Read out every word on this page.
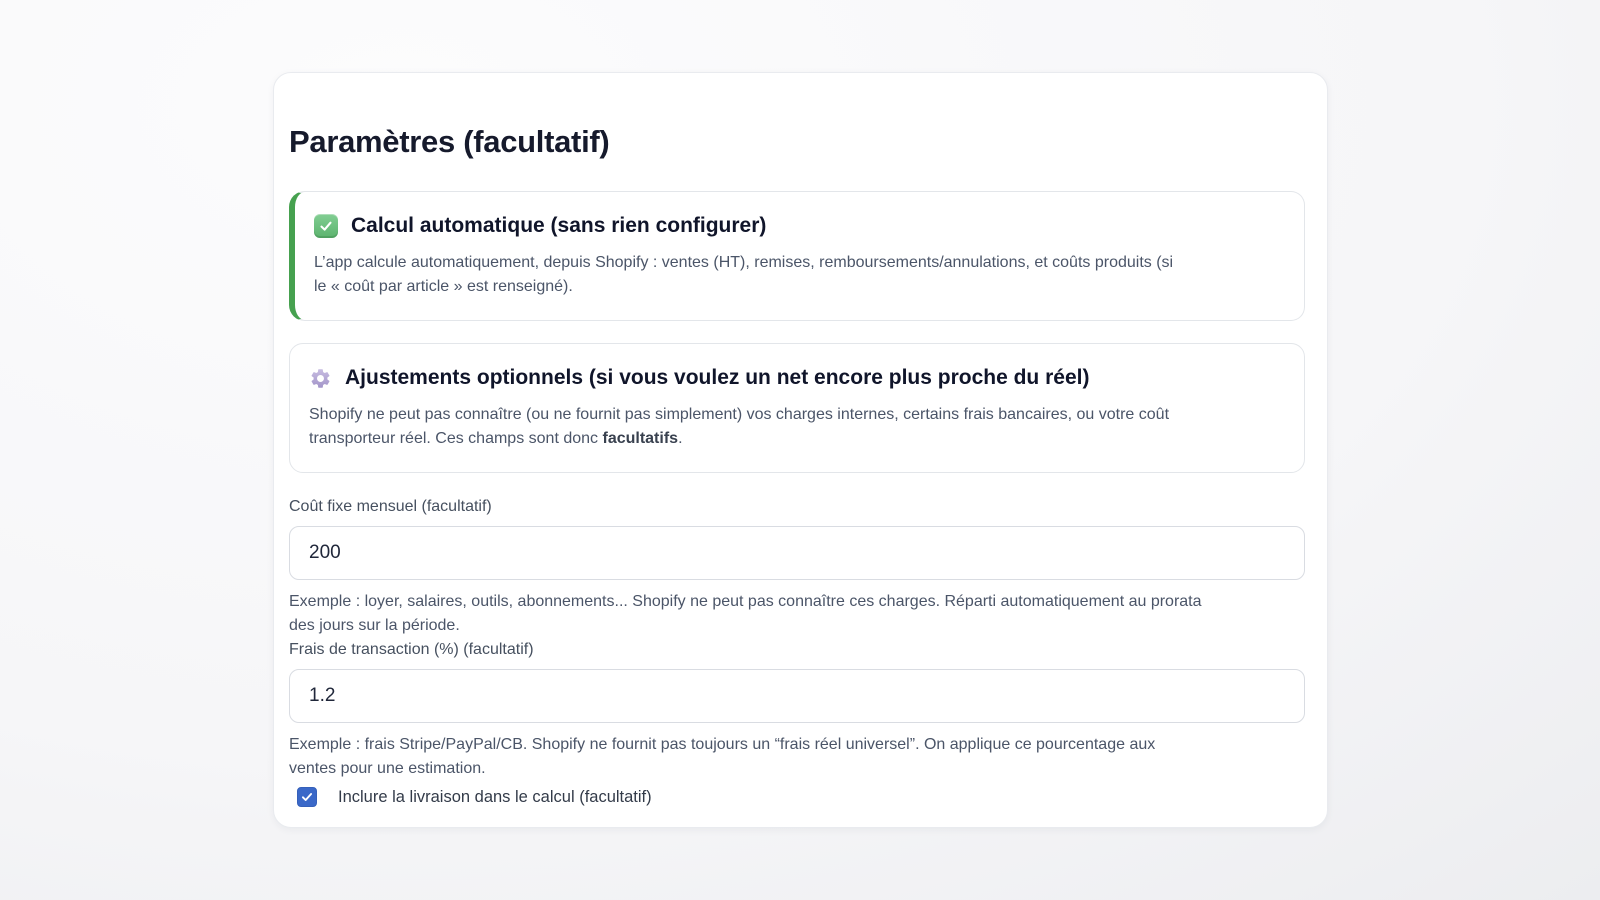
Paramètres (facultatif)
Calcul automatique (sans rien configurer)

L’app calcule automatiquement, depuis Shopify : ventes (HT), remises, remboursements/annulations, et coûts produits (si
le « coût par article » est renseigné).

Ajustements optionnels (si vous voulez un net encore plus proche du réel)

Shopify ne peut pas connaître (ou ne fournit pas simplement) vos charges internes, certains frais bancaires, ou votre coût
transporteur réel. Ces champs sont donc facultatifs.

Coût fixe mensuel (facultatif)
200

Exemple : loyer, salaires, outils, abonnements... Shopify ne peut pas connaître ces charges. Réparti automatiquement au prorata
des jours sur la période.

Frais de transaction (%) (facultatif)
1.2

Exemple : frais Stripe/PayPal/CB. Shopify ne fournit pas toujours un “frais réel universel”. On applique ce pourcentage aux
ventes pour une estimation.

Inclure la livraison dans le calcul (facultatif)
